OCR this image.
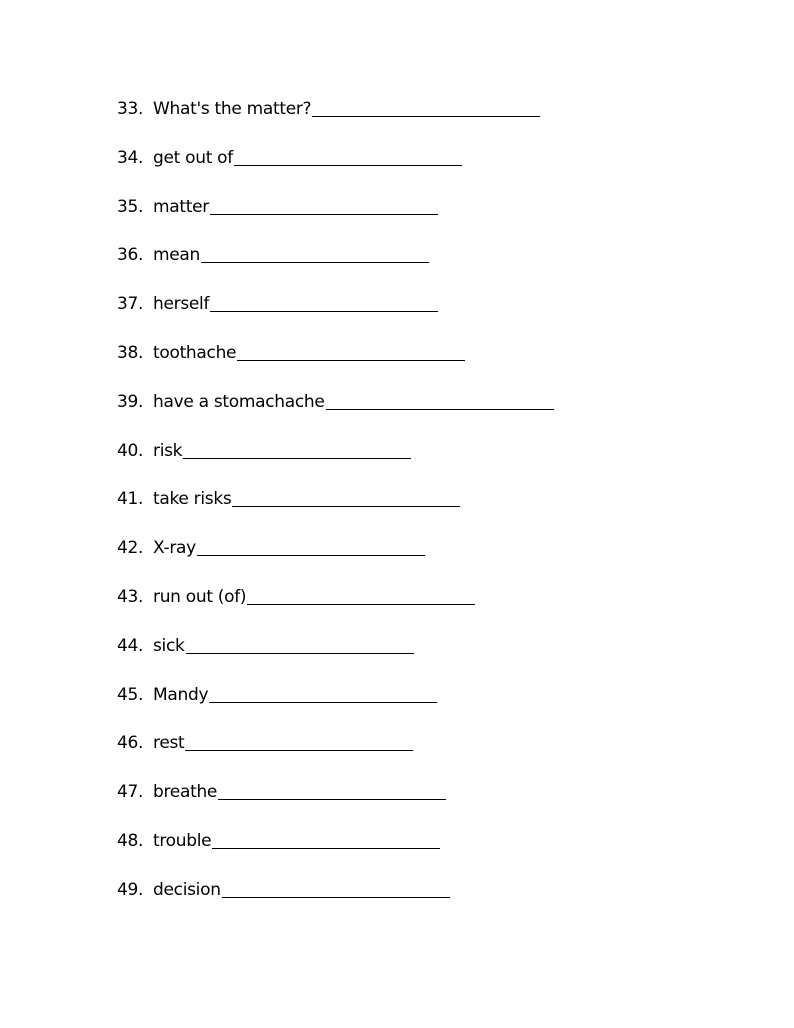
33. What's the matter?
34. get out of
35. matter
36. mean
37. herself
38. toothache
39. have a stomachache
40. risk
41. take risks
42. X-ray
43. run out (of)
44. sick
45. Mandy
46. rest
47. breathe
48. trouble
49. decision
